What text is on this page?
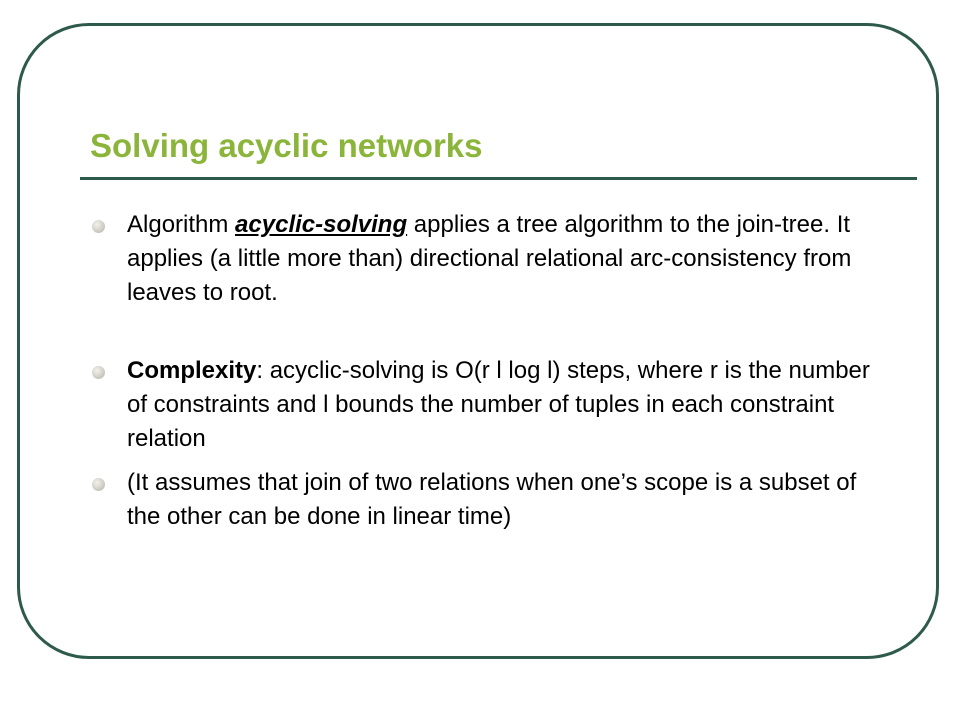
Solving acyclic networks
Algorithm acyclic-solving applies a tree algorithm to the join-tree. It applies (a little more than) directional relational arc-consistency from leaves to root.
Complexity: acyclic-solving is O(r l log l) steps, where r is the number of constraints and l bounds the number of tuples in each constraint relation
(It assumes that join of two relations when one’s scope is a subset of the other can be done in linear time)
